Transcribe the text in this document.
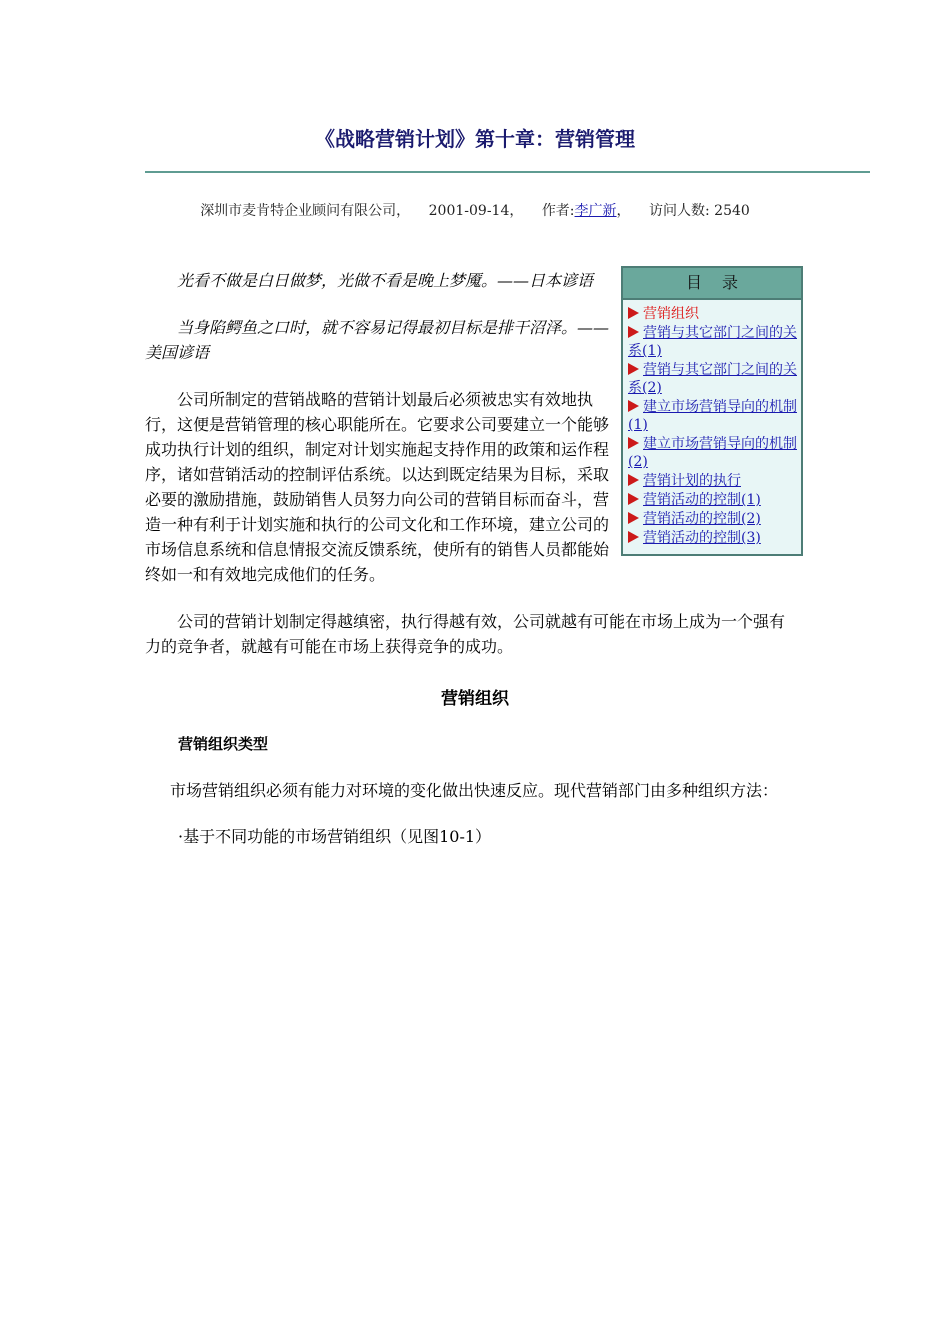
《战略营销计划》第十章：营销管理
深圳市麦肯特企业顾问有限公司， 2001-09-14， 作者:李广新， 访问人数: 2540
目录
营销组织
营销与其它部门之间的关系(1)
营销与其它部门之间的关系(2)
建立市场营销导向的机制(1)
建立市场营销导向的机制(2)
营销计划的执行
营销活动的控制(1)
营销活动的控制(2)
营销活动的控制(3)

光看不做是白日做梦，光做不看是晚上梦魇。——日本谚语

当身陷鳄鱼之口时，就不容易记得最初目标是排干沼泽。——美国谚语

公司所制定的营销战略的营销计划最后必须被忠实有效地执行，这便是营销管理的核心职能所在。它要求公司要建立一个能够成功执行计划的组织，制定对计划实施起支持作用的政策和运作程序，诸如营销活动的控制评估系统。以达到既定结果为目标，采取必要的激励措施，鼓励销售人员努力向公司的营销目标而奋斗，营造一种有利于计划实施和执行的公司文化和工作环境，建立公司的市场信息系统和信息情报交流反馈系统，使所有的销售人员都能始终如一和有效地完成他们的任务。

公司的营销计划制定得越缜密，执行得越有效，公司就越有可能在市场上成为一个强有力的竞争者，就越有可能在市场上获得竞争的成功。

营销组织
营销组织类型

市场营销组织必须有能力对环境的变化做出快速反应。现代营销部门由多种组织方法：

·基于不同功能的市场营销组织（见图10-1）
